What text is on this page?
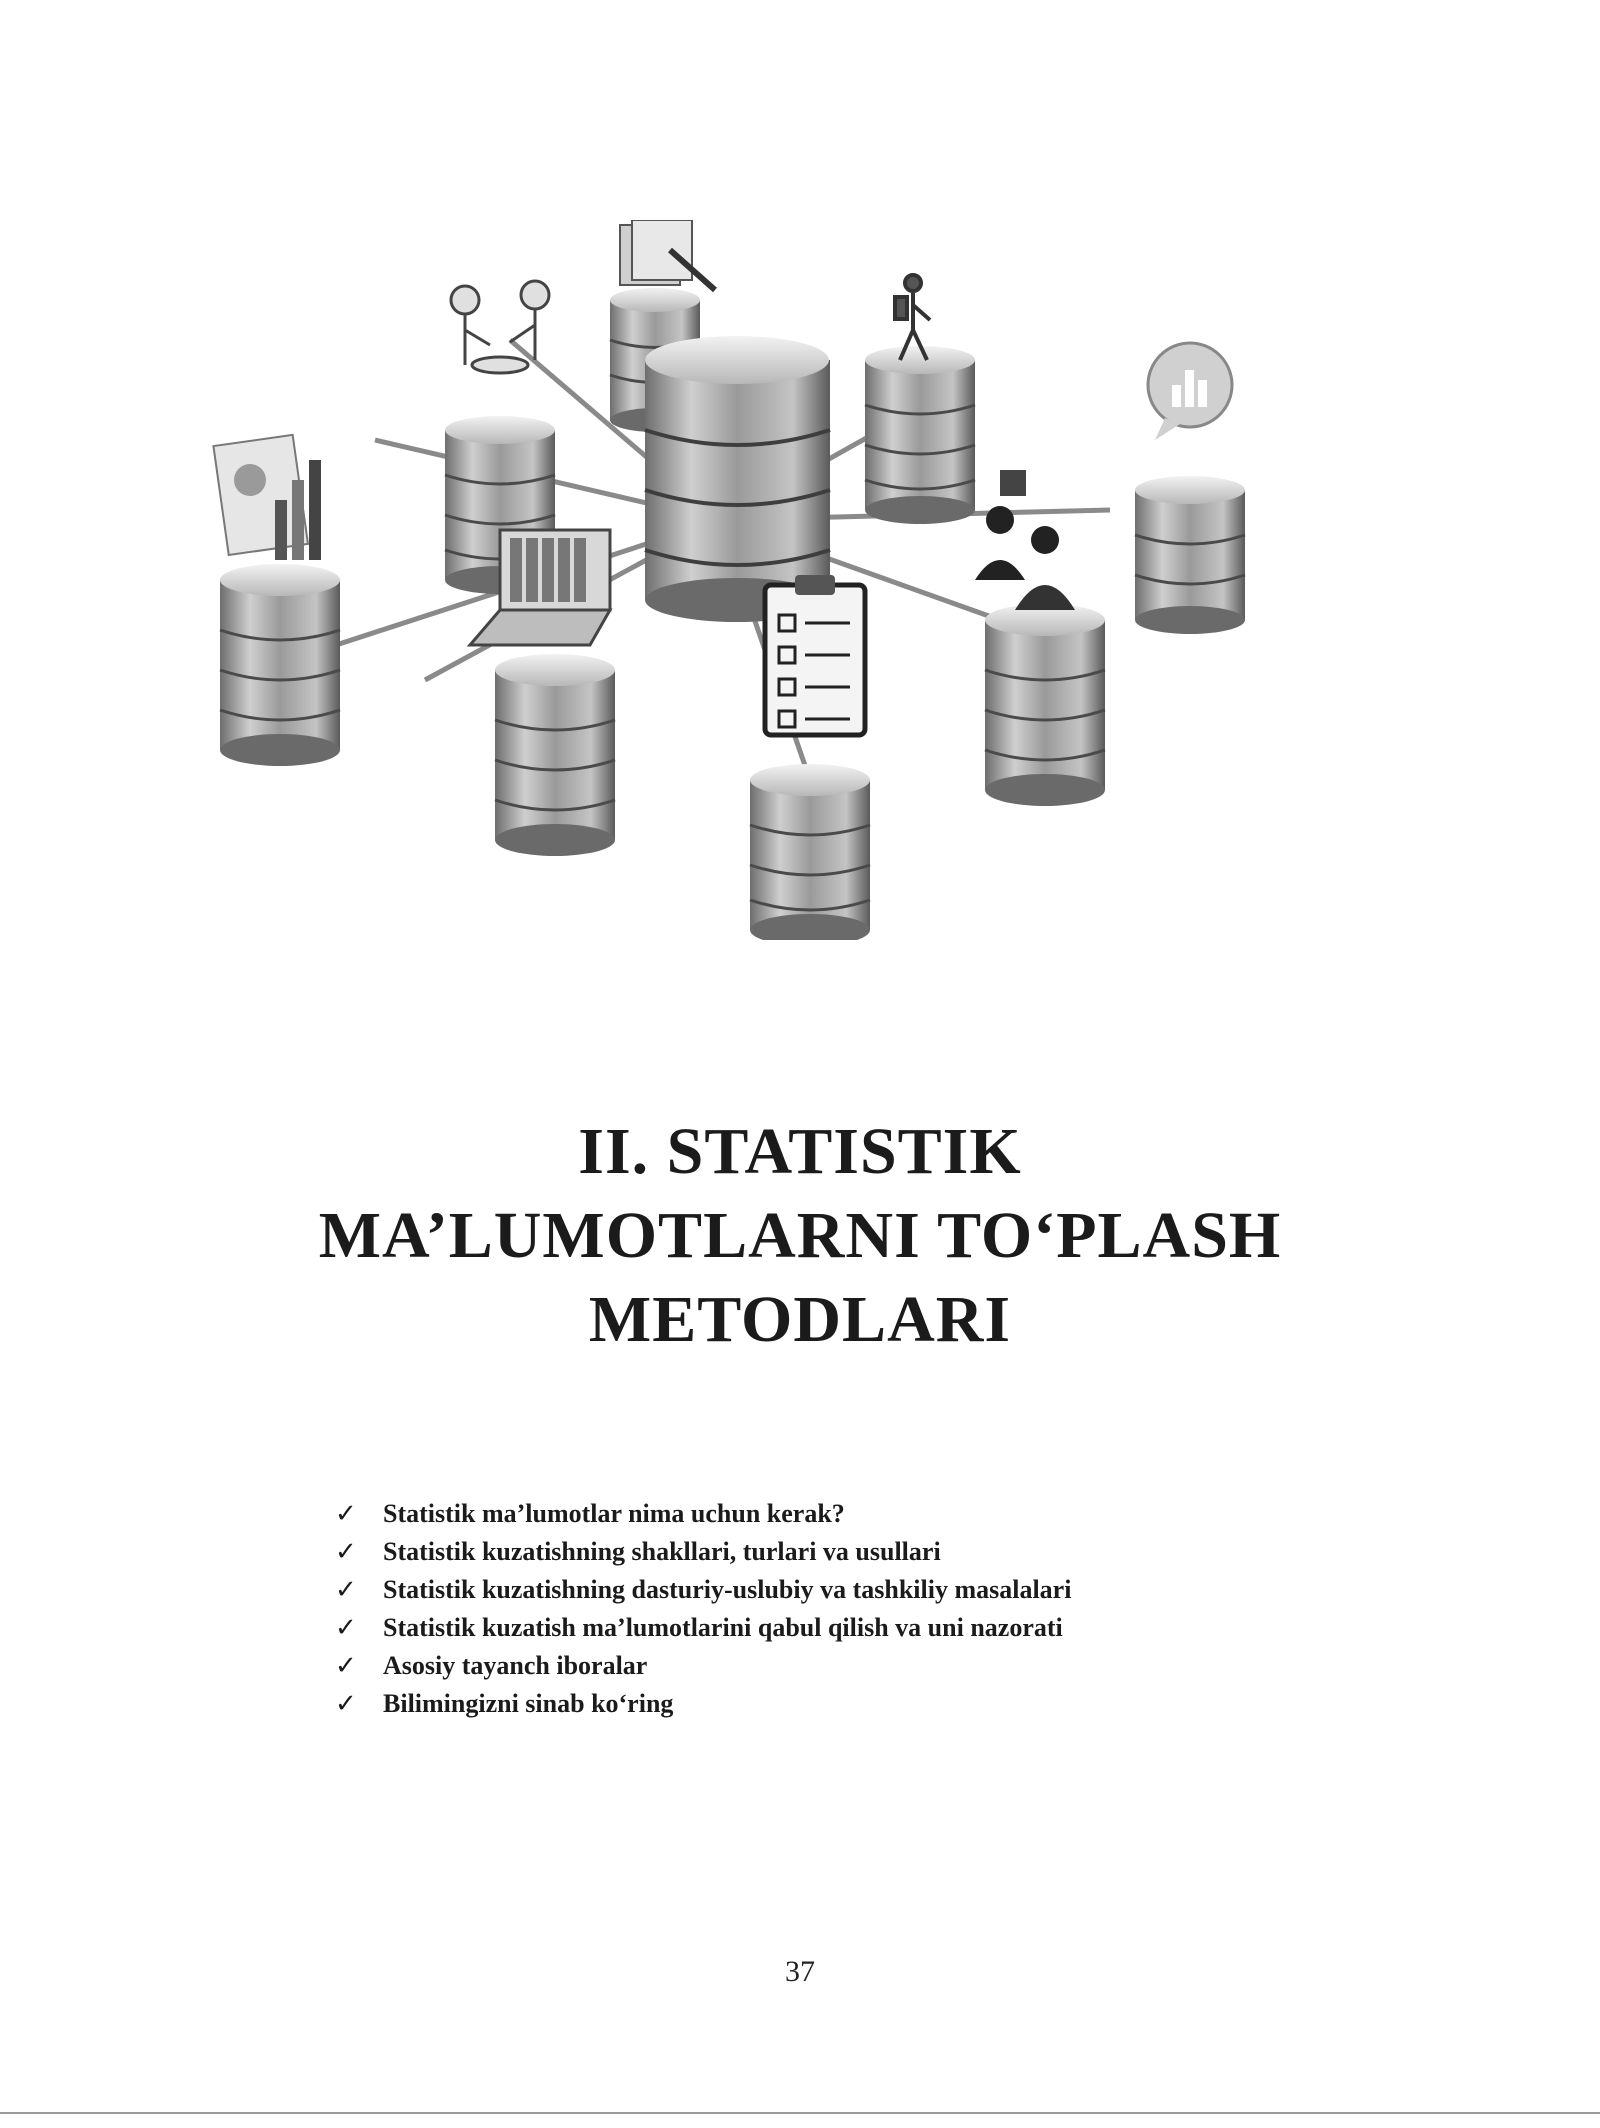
II. STATISTIK
MA’LUMOTLARNI TO‘PLASH
METODLARI
✓ Statistik ma’lumotlar nima uchun kerak?
✓ Statistik kuzatishning shakllari, turlari va usullari
✓ Statistik kuzatishning dasturiy-uslubiy va tashkiliy masalalari
✓ Statistik kuzatish ma’lumotlarini qabul qilish va uni nazorati
✓ Asosiy tayanch iboralar
✓ Bilimingizni sinab ko‘ring
37
